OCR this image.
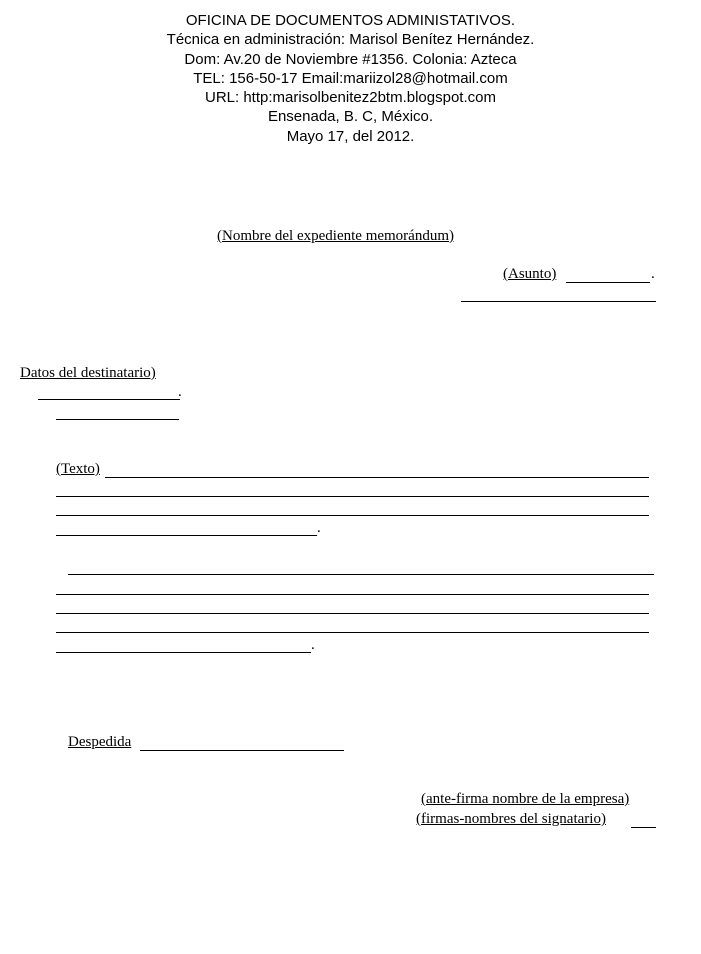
OFICINA DE DOCUMENTOS ADMINISTATIVOS.
Técnica en administración: Marisol Benítez Hernández.
Dom: Av.20 de Noviembre #1356. Colonia: Azteca
TEL: 156-50-17 Email:mariizol28@hotmail.com
URL: http:marisolbenitez2btm.blogspot.com
Ensenada, B. C, México.
Mayo 17, del 2012.
(Nombre del expediente memorándum)
(Asunto)	.
Datos del destinatario)
.
(Texto)
.
.
Despedida
(ante-firma nombre de la empresa)
(firmas-nombres del signatario)
